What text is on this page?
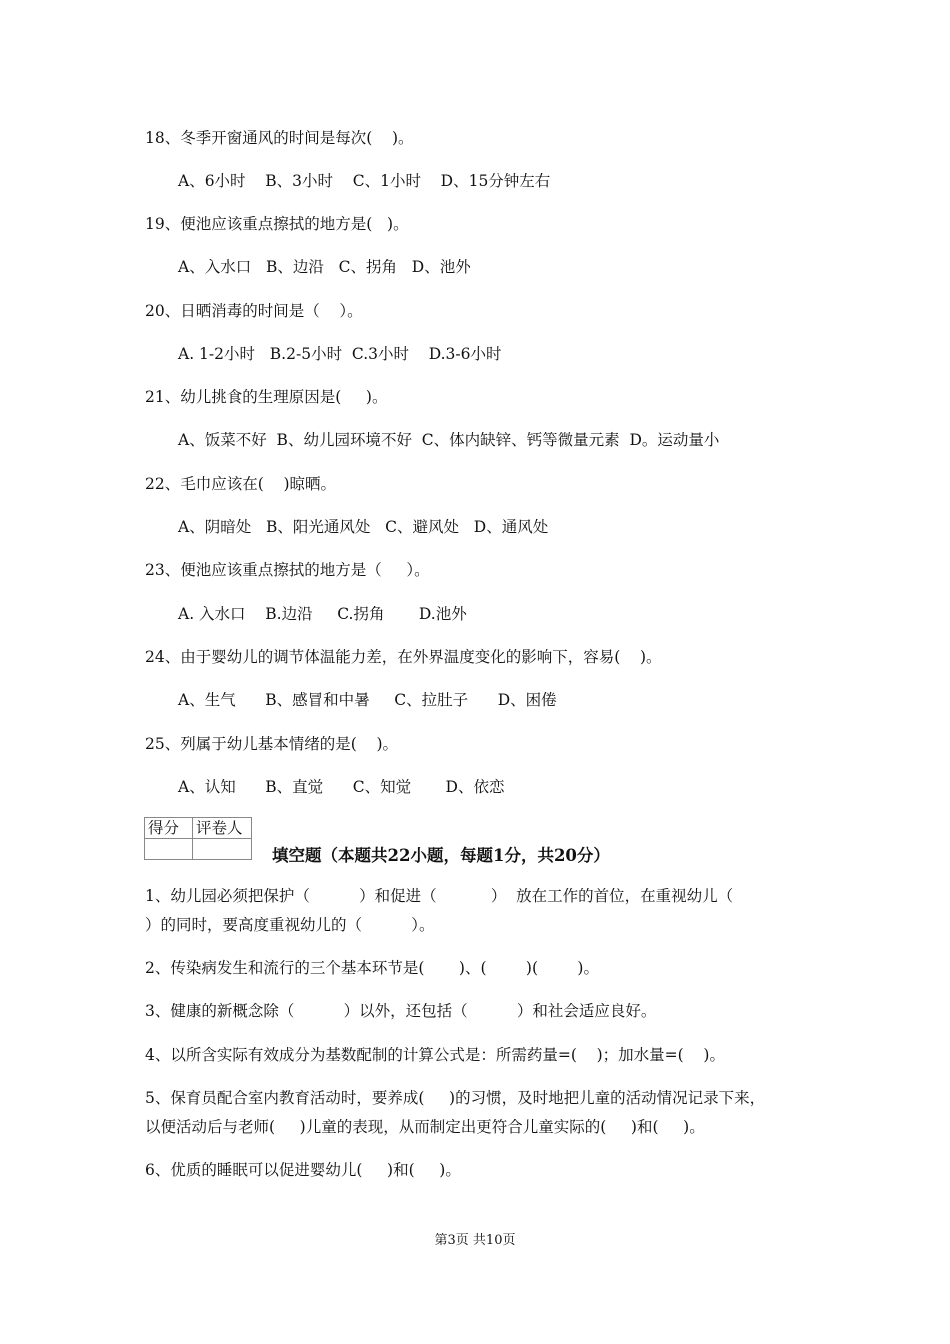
18、冬季开窗通风的时间是每次(    )。
A、6小时    B、3小时    C、1小时    D、15分钟左右
19、便池应该重点擦拭的地方是(   )。
A、入水口   B、边沿   C、拐角   D、池外
20、日晒消毒的时间是（    ）。
A. 1-2小时   B.2-5小时  C.3小时    D.3-6小时
21、幼儿挑食的生理原因是(     )。
A、饭菜不好  B、幼儿园环境不好  C、体内缺锌、钙等微量元素  D。运动量小
22、毛巾应该在(    )晾晒。
A、阴暗处   B、阳光通风处   C、避风处   D、通风处
23、便池应该重点擦拭的地方是（     ）。
A. 入水口    B.边沿     C.拐角       D.池外
24、由于婴幼儿的调节体温能力差，在外界温度变化的影响下，容易(    )。
A、生气      B、感冒和中暑     C、拉肚子      D、困倦
25、列属于幼儿基本情绪的是(    )。
A、认知      B、直觉      C、知觉       D、依恋
得分	评卷人

填空题（本题共22小题，每题1分，共20分）
1、幼儿园必须把保护（          ）和促进（           ）  放在工作的首位，在重视幼儿（
）的同时，要高度重视幼儿的（          ）。
2、传染病发生和流行的三个基本环节是(       )、(        )(        )。
3、健康的新概念除（          ）以外，还包括（          ）和社会适应良好。
4、以所含实际有效成分为基数配制的计算公式是：所需药量=(    )；加水量=(    )。
5、保育员配合室内教育活动时，要养成(     )的习惯，及时地把儿童的活动情况记录下来，
以便活动后与老师(     )儿童的表现，从而制定出更符合儿童实际的(     )和(     )。
6、优质的睡眠可以促进婴幼儿(     )和(     )。
第3页 共10页
